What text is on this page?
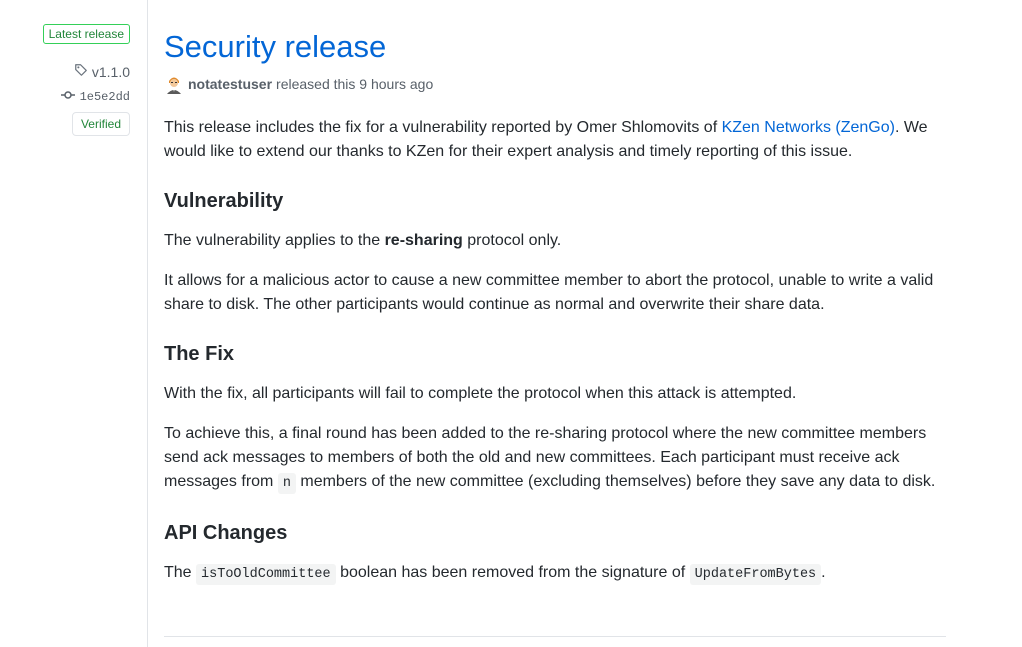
Latest release
v1.1.0
1e5e2dd
Verified
Security release
notatestuser released this 9 hours ago

This release includes the fix for a vulnerability reported by Omer Shlomovits of KZen Networks (ZenGo). We would like to extend our thanks to KZen for their expert analysis and timely reporting of this issue.

Vulnerability

The vulnerability applies to the re-sharing protocol only.

It allows for a malicious actor to cause a new committee member to abort the protocol, unable to write a valid share to disk. The other participants would continue as normal and overwrite their share data.

The Fix

With the fix, all participants will fail to complete the protocol when this attack is attempted.

To achieve this, a final round has been added to the re-sharing protocol where the new committee members send ack messages to members of both the old and new committees. Each participant must receive ack messages from n members of the new committee (excluding themselves) before they save any data to disk.

API Changes

The isToOldCommittee boolean has been removed from the signature of UpdateFromBytes .
